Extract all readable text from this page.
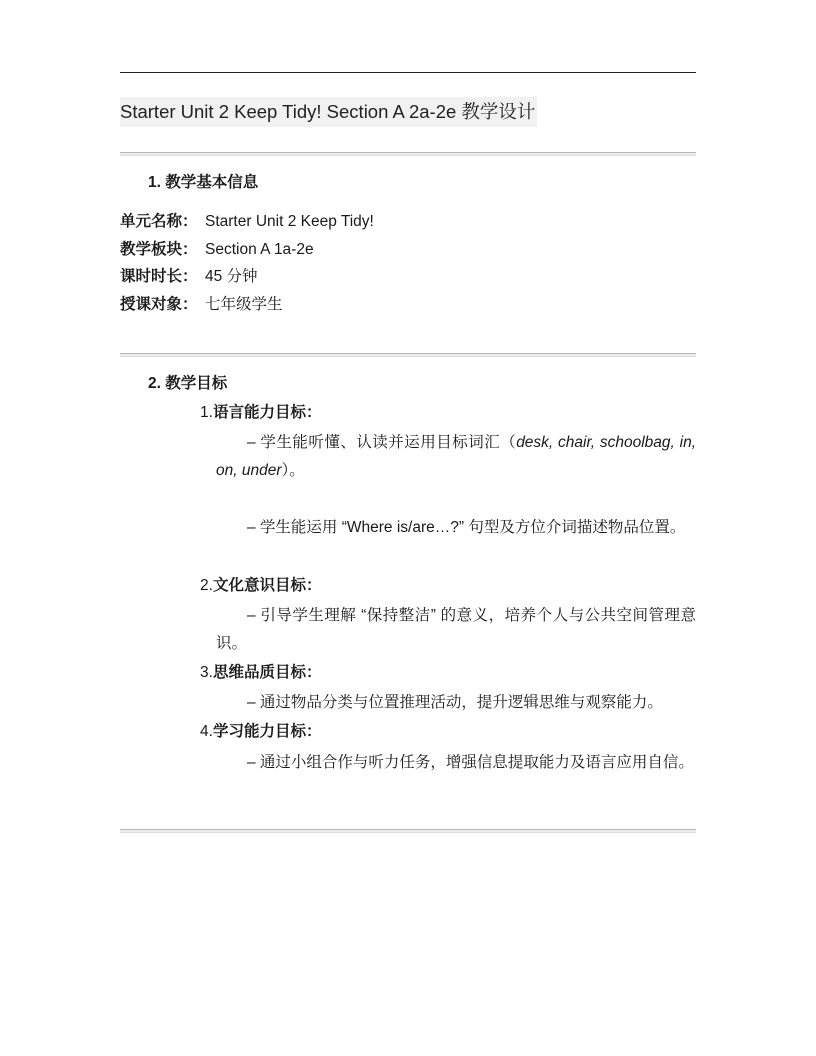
Starter Unit 2 Keep Tidy! Section A 2a-2e 教学设计
1. 教学基本信息
单元名称： Starter Unit 2 Keep Tidy!
教学板块： Section A 1a-2e
课时时长： 45 分钟
授课对象： 七年级学生
2. 教学目标
1.语言能力目标：
– 学生能听懂、认读并运用目标词汇（desk, chair, schoolbag, in, on, under）。
– 学生能运用 “Where is/are…?” 句型及方位介词描述物品位置。
2.文化意识目标：
– 引导学生理解 “保持整洁” 的意义，培养个人与公共空间管理意识。
3.思维品质目标：
– 通过物品分类与位置推理活动，提升逻辑思维与观察能力。
4.学习能力目标：
– 通过小组合作与听力任务，增强信息提取能力及语言应用自信。
